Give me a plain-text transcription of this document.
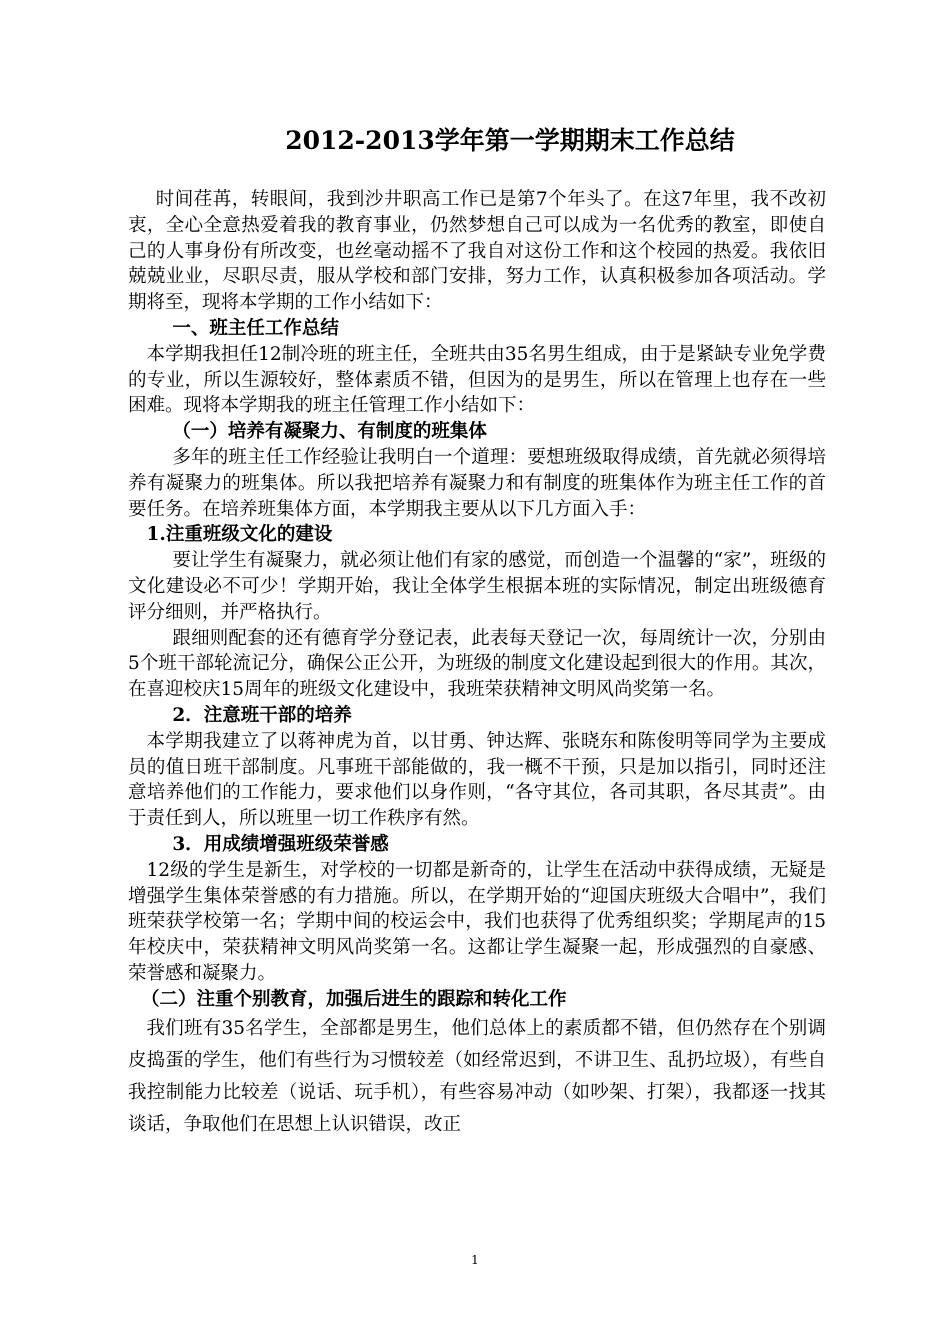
2012-2013学年第一学期期末工作总结

时间荏苒，转眼间，我到沙井职高工作已是第7个年头了。在这7年里，我不改初衷，全心全意热爱着我的教育事业，仍然梦想自己可以成为一名优秀的教室，即使自己的人事身份有所改变，也丝毫动摇不了我自对这份工作和这个校园的热爱。我依旧兢兢业业，尽职尽责，服从学校和部门安排，努力工作，认真积极参加各项活动。学期将至，现将本学期的工作小结如下：

一、班主任工作总结

本学期我担任12制冷班的班主任，全班共由35名男生组成，由于是紧缺专业免学费的专业，所以生源较好，整体素质不错，但因为的是男生，所以在管理上也存在一些困难。现将本学期我的班主任管理工作小结如下：

（一）培养有凝聚力、有制度的班集体

多年的班主任工作经验让我明白一个道理：要想班级取得成绩，首先就必须得培养有凝聚力的班集体。所以我把培养有凝聚力和有制度的班集体作为班主任工作的首要任务。在培养班集体方面，本学期我主要从以下几方面入手：

1.注重班级文化的建设

要让学生有凝聚力，就必须让他们有家的感觉，而创造一个温馨的“家”，班级的文化建设必不可少！学期开始，我让全体学生根据本班的实际情况，制定出班级德育评分细则，并严格执行。

跟细则配套的还有德育学分登记表，此表每天登记一次，每周统计一次，分别由5个班干部轮流记分，确保公正公开，为班级的制度文化建设起到很大的作用。其次，在喜迎校庆15周年的班级文化建设中，我班荣获精神文明风尚奖第一名。

2．注意班干部的培养

本学期我建立了以蒋神虎为首，以甘勇、钟达辉、张晓东和陈俊明等同学为主要成员的值日班干部制度。凡事班干部能做的，我一概不干预，只是加以指引，同时还注意培养他们的工作能力，要求他们以身作则，“各守其位，各司其职，各尽其责”。由于责任到人，所以班里一切工作秩序有然。

3．用成绩增强班级荣誉感

12级的学生是新生，对学校的一切都是新奇的，让学生在活动中获得成绩，无疑是增强学生集体荣誉感的有力措施。所以，在学期开始的“迎国庆班级大合唱中”，我们班荣获学校第一名；学期中间的校运会中，我们也获得了优秀组织奖；学期尾声的15年校庆中，荣获精神文明风尚奖第一名。这都让学生凝聚一起，形成强烈的自豪感、荣誉感和凝聚力。

（二）注重个别教育，加强后进生的跟踪和转化工作

我们班有35名学生，全部都是男生，他们总体上的素质都不错，但仍然存在个别调皮捣蛋的学生，他们有些行为习惯较差（如经常迟到，不讲卫生、乱扔垃圾），有些自我控制能力比较差（说话、玩手机），有些容易冲动（如吵架、打架），我都逐一找其谈话，争取他们在思想上认识错误，改正

1
